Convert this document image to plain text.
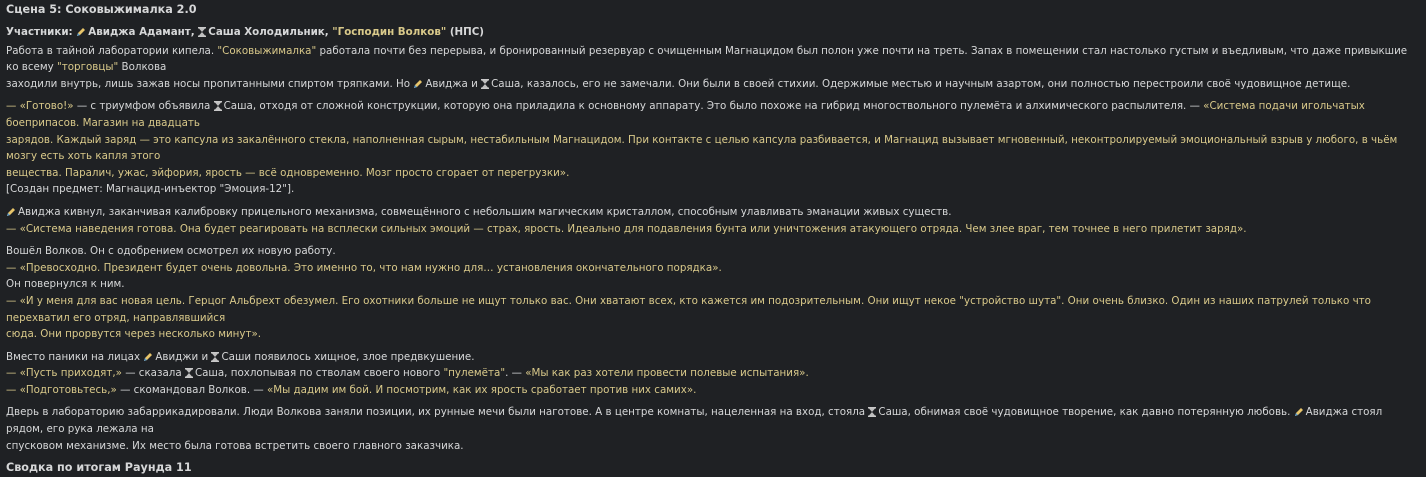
Сцена 5: Соковыжималка 2.0
Участники: Авиджа Адамант, Саша Холодильник, "Господин Волков" (НПС)
Работа в тайной лаборатории кипела. "Соковыжималка" работала почти без перерыва, и бронированный резервуар с очищенным Магнацидом был полон уже почти на треть. Запах в помещении стал настолько густым и въедливым, что даже привыкшие ко всему "торговцы" Волкова
заходили внутрь, лишь зажав носы пропитанными спиртом тряпками. Но
Авиджа и
Саша, казалось, его не замечали. Они были в своей стихии. Одержимые местью и научным азартом, они полностью перестроили своё чудовищное детище.
— «Готово!» — с триумфом объявила
Саша, отходя от сложной конструкции, которую она приладила к основному аппарату. Это было похоже на гибрид многоствольного пулемёта и алхимического распылителя. — «Система подачи игольчатых боеприпасов. Магазин на двадцать
зарядов. Каждый заряд — это капсула из закалённого стекла, наполненная сырым, нестабильным Магнацидом. При контакте с целью капсула разбивается, и Магнацид вызывает мгновенный, неконтролируемый эмоциональный взрыв у любого, в чьём мозгу есть хоть капля этого
вещества. Паралич, ужас, эйфория, ярость — всё одновременно. Мозг просто сгорает от перегрузки».
[Создан предмет: Магнацид-инъектор "Эмоция-12"].
Авиджа кивнул, заканчивая калибровку прицельного механизма, совмещённого с небольшим магическим кристаллом, способным улавливать эманации живых существ.
— «Система наведения готова. Она будет реагировать на всплески сильных эмоций — страх, ярость. Идеально для подавления бунта или уничтожения атакующего отряда. Чем злее враг, тем точнее в него прилетит заряд».
Вошёл Волков. Он с одобрением осмотрел их новую работу.
— «Превосходно. Президент будет очень довольна. Это именно то, что нам нужно для… установления окончательного порядка».
Он повернулся к ним.
— «И у меня для вас новая цель. Герцог Альбрехт обезумел. Его охотники больше не ищут только вас. Они хватают всех, кто кажется им подозрительным. Они ищут некое "устройство шута". Они очень близко. Один из наших патрулей только что перехватил его отряд, направлявшийся
сюда. Они прорвутся через несколько минут».
Вместо паники на лицах
Авиджи и
Саши появилось хищное, злое предвкушение.
— «Пусть приходят,» — сказала
Саша, похлопывая по стволам своего нового "пулемёта". — «Мы как раз хотели провести полевые испытания».
— «Подготовьтесь,» — скомандовал Волков. — «Мы дадим им бой. И посмотрим, как их ярость сработает против них самих».
Дверь в лабораторию забаррикадировали. Люди Волкова заняли позиции, их рунные мечи были наготове. А в центре комнаты, нацеленная на вход, стояла
Саша, обнимая своё чудовищное творение, как давно потерянную любовь.
Авиджа стоял рядом, его рука лежала на
спусковом механизме. Их место была готова встретить своего главного заказчика.
Сводка по итогам Раунда 11
